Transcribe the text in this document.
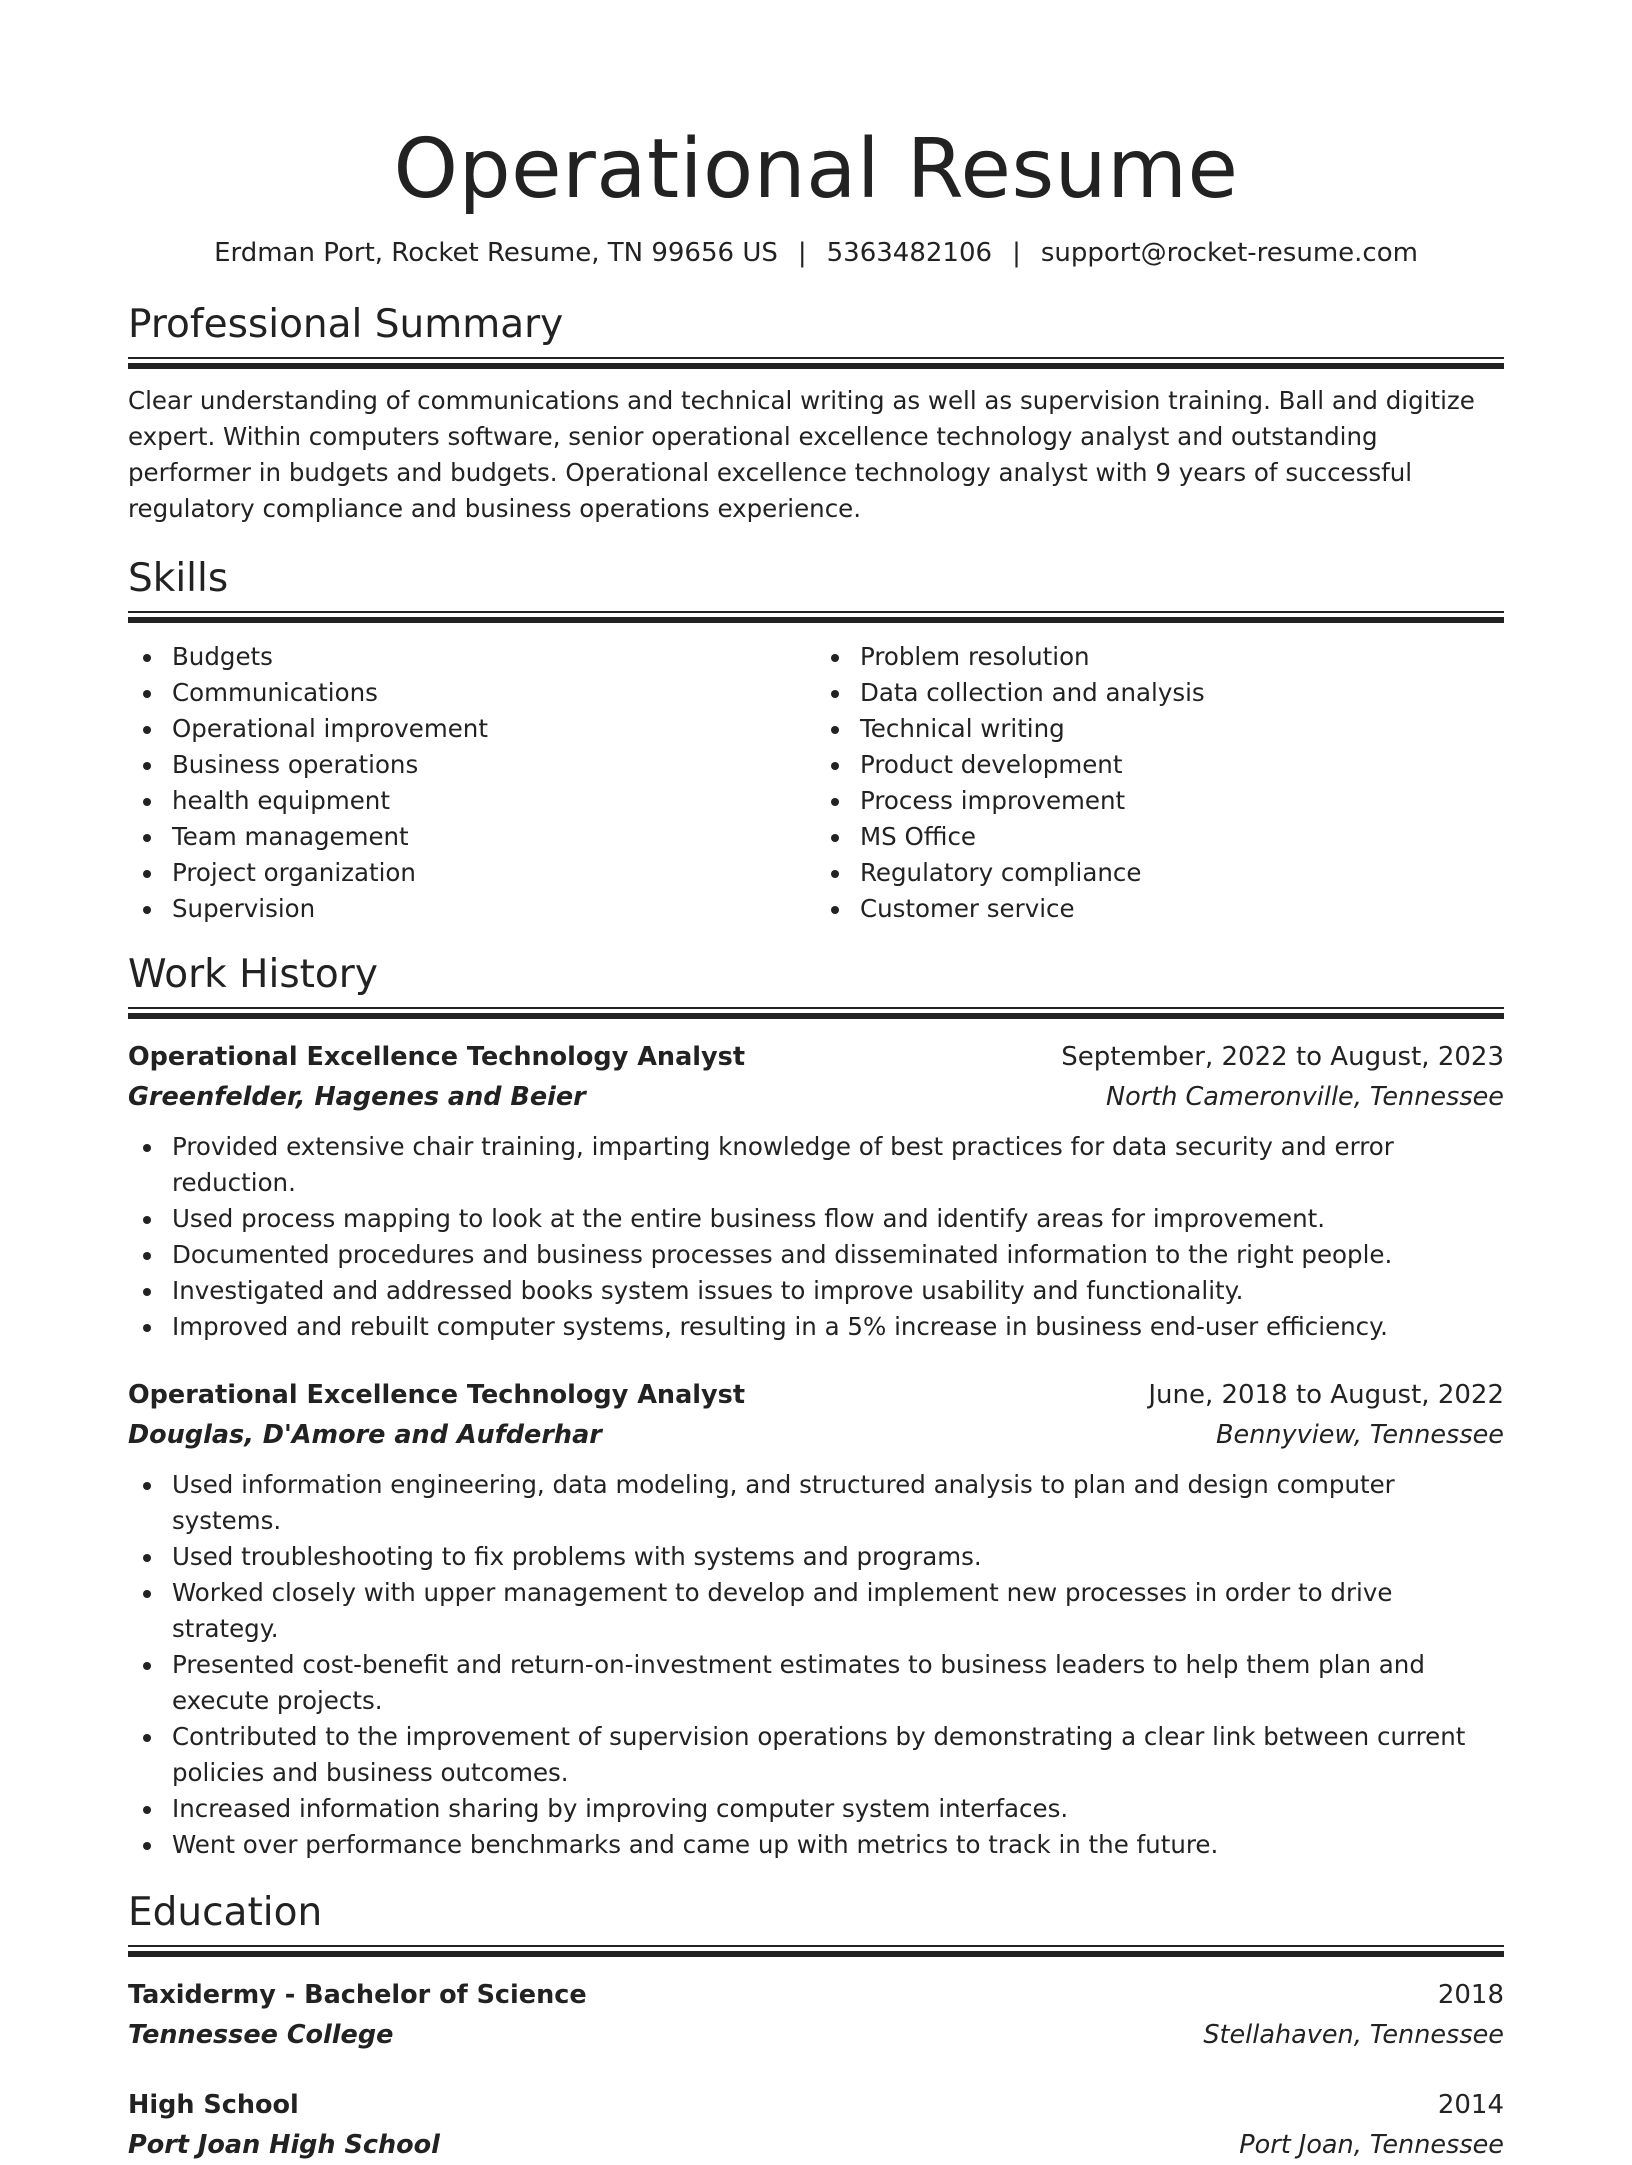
Operational Resume
Erdman Port, Rocket Resume, TN 99656 US | 5363482106 | support@rocket-resume.com
Professional Summary
Clear understanding of communications and technical writing as well as supervision training. Ball and digitize expert. Within computers software, senior operational excellence technology analyst and outstanding performer in budgets and budgets. Operational excellence technology analyst with 9 years of successful regulatory compliance and business operations experience.
Skills
Budgets
Communications
Operational improvement
Business operations
health equipment
Team management
Project organization
Supervision
Problem resolution
Data collection and analysis
Technical writing
Product development
Process improvement
MS Office
Regulatory compliance
Customer service
Work History
Operational Excellence Technology Analyst	September, 2022 to August, 2023
Greenfelder, Hagenes and Beier	North Cameronville, Tennessee
Provided extensive chair training, imparting knowledge of best practices for data security and error reduction.
Used process mapping to look at the entire business flow and identify areas for improvement.
Documented procedures and business processes and disseminated information to the right people.
Investigated and addressed books system issues to improve usability and functionality.
Improved and rebuilt computer systems, resulting in a 5% increase in business end-user efficiency.
Operational Excellence Technology Analyst	June, 2018 to August, 2022
Douglas, D'Amore and Aufderhar	Bennyview, Tennessee
Used information engineering, data modeling, and structured analysis to plan and design computer systems.
Used troubleshooting to fix problems with systems and programs.
Worked closely with upper management to develop and implement new processes in order to drive strategy.
Presented cost-benefit and return-on-investment estimates to business leaders to help them plan and execute projects.
Contributed to the improvement of supervision operations by demonstrating a clear link between current policies and business outcomes.
Increased information sharing by improving computer system interfaces.
Went over performance benchmarks and came up with metrics to track in the future.
Education
Taxidermy - Bachelor of Science	2018
Tennessee College	Stellahaven, Tennessee
High School	2014
Port Joan High School	Port Joan, Tennessee
